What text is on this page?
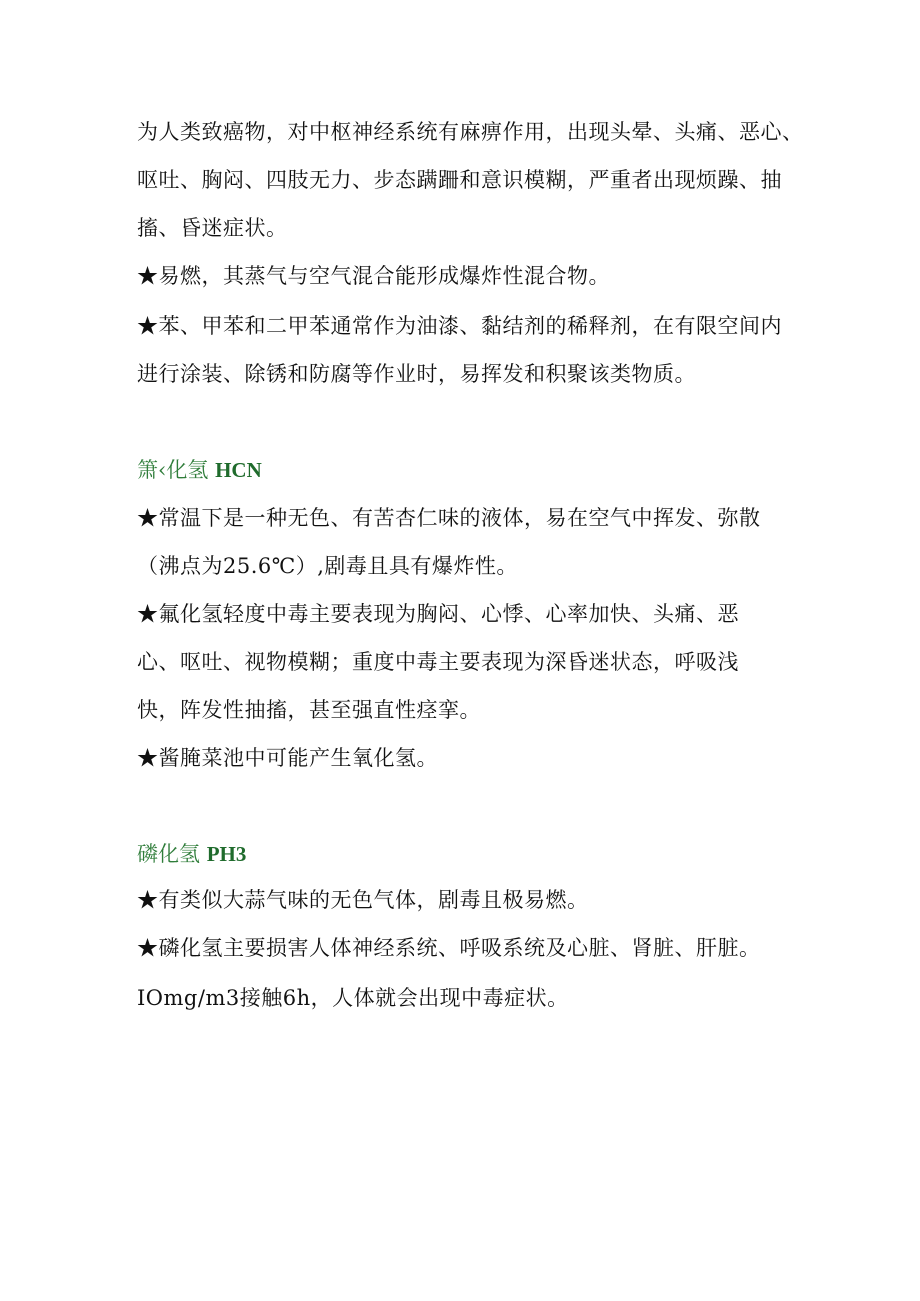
为人类致癌物，对中枢神经系统有麻痹作用，出现头晕、头痛、恶心、
呕吐、胸闷、四肢无力、步态蹒跚和意识模糊，严重者出现烦躁、抽
搐、昏迷症状。
★易燃，其蒸气与空气混合能形成爆炸性混合物。
★苯、甲苯和二甲苯通常作为油漆、黏结剂的稀释剂，在有限空间内
进行涂装、除锈和防腐等作业时，易挥发和积聚该类物质。
箫‹化氢 HCN
★常温下是一种无色、有苦杏仁味的液体，易在空气中挥发、弥散
（沸点为25.6℃）,剧毒且具有爆炸性。
★氟化氢轻度中毒主要表现为胸闷、心悸、心率加快、头痛、恶
心、呕吐、视物模糊；重度中毒主要表现为深昏迷状态，呼吸浅
快，阵发性抽搐，甚至强直性痉挛。
★酱腌菜池中可能产生氧化氢。
磷化氢 PH3
★有类似大蒜气味的无色气体，剧毒且极易燃。
★磷化氢主要损害人体神经系统、呼吸系统及心脏、肾脏、肝脏。
IOmg/m3接触6h，人体就会出现中毒症状。
